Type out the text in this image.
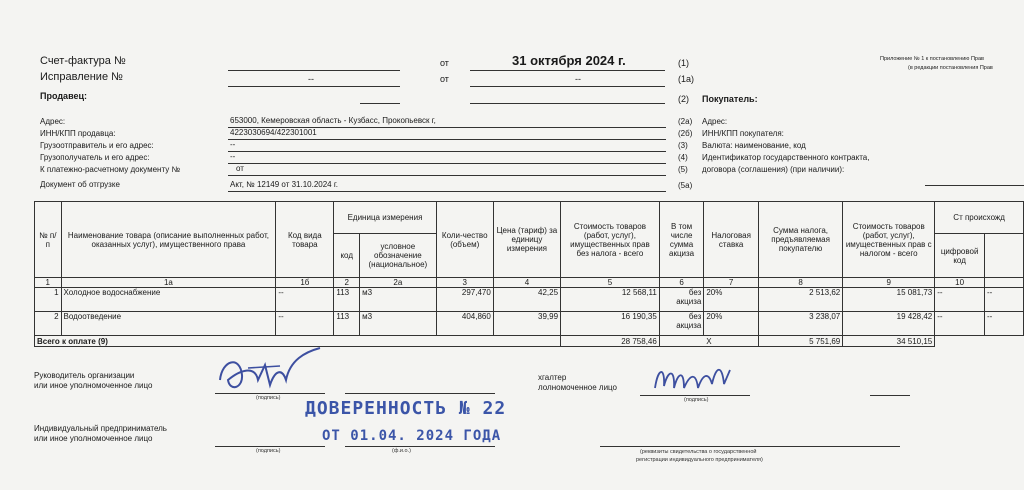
Счет-фактура №	от	31 октября 2024 г.	(1)	Приложение № 1 к постановлению Прав
(в редакции постановления Прав
Исправление №	--	от	--	(1а)
Продавец:	(2) Покупатель:
Адрес:	653000, Кемеровская область - Кузбасс, Прокопьевск г,	(2а) Адрес:
ИНН/КПП продавца:	4223030694/422301001	(2б) ИНН/КПП покупателя:
Грузоотправитель и его адрес:	--	(3) Валюта: наименование, код
Грузополучатель и его адрес:	--	(4) Идентификатор государственного контракта,
К платежно-расчетному документу №	от	(5) договора (соглашения) (при наличии):
Документ об отгрузке	Акт, № 12149 от 31.10.2024 г.	(5а)
№ п/п	Наименование товара (описание выполненных работ, оказанных услуг), имущественного права	Код вида товара	Единица измерения		Коли-чество (объем)	Цена (тариф) за единицу измерения	Стоимость товаров (работ, услуг), имущественных прав без налога - всего	В том числе сумма акциза	Налоговая ставка	Сумма налога, предъявляемая покупателю	Стоимость товаров (работ, услуг), имущественных прав с налогом - всего	Ст происхожд	
			код	условное обозначение (национальное)								цифровой код	
1	1а	1б	2	2а	3	4	5	6	7	8	9	10	
1	Холодное водоснабжение	--	113	м3	297,470	42,25	12 568,11	без акциза	20%	2 513,62	15 081,73	--	--
2	Водоотведение	--	113	м3	404,860	39,99	16 190,35	без акциза	20%	3 238,07	19 428,42	--	--
Всего к оплате (9)							28 758,46	Х		5 751,69	34 510,15		
Руководитель организации
или иное уполномоченное лицо
(подпись)
хгалтер
лолномоченное лицо
(подпись)
Индивидуальный предприниматель
или иное уполномоченное лицо
(подпись)	(ф.и.о.)	(реквизиты свидетельства о государственной
регистрации индивидуального предпринимателя)
ДОВЕРЕННОСТЬ № 22
ОТ 01.04. 2024 ГОДА
